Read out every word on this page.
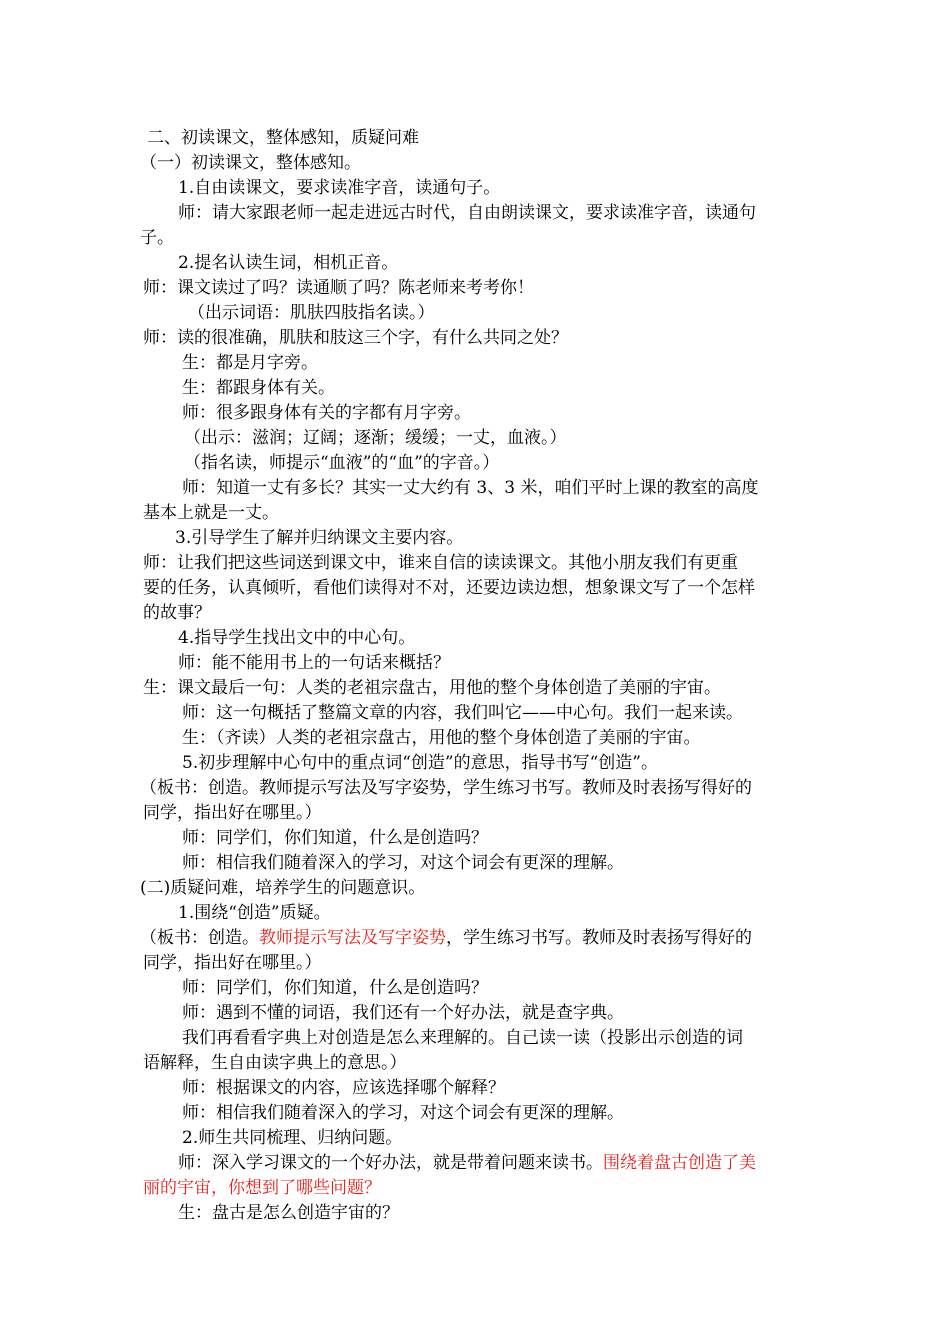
二、初读课文，整体感知，质疑问难
（一）初读课文，整体感知。
1.自由读课文，要求读准字音，读通句子。
师：请大家跟老师一起走进远古时代，自由朗读课文，要求读准字音，读通句
子。
2.提名认读生词，相机正音。
师：课文读过了吗？读通顺了吗？陈老师来考考你！
（出示词语：肌肤四肢指名读。）
师：读的很准确，肌肤和肢这三个字，有什么共同之处？
生：都是月字旁。
生：都跟身体有关。
师：很多跟身体有关的字都有月字旁。
（出示：滋润；辽阔；逐渐；缓缓；一丈，血液。）
（指名读，师提示“血液”的“血”的字音。）
师：知道一丈有多长？其实一丈大约有 3、3 米，咱们平时上课的教室的高度
基本上就是一丈。
3.引导学生了解并归纳课文主要内容。
师：让我们把这些词送到课文中，谁来自信的读读课文。其他小朋友我们有更重
要的任务，认真倾听，看他们读得对不对，还要边读边想，想象课文写了一个怎样
的故事？
4.指导学生找出文中的中心句。
师：能不能用书上的一句话来概括？
生：课文最后一句：人类的老祖宗盘古，用他的整个身体创造了美丽的宇宙。
师：这一句概括了整篇文章的内容，我们叫它——中心句。我们一起来读。
生：（齐读）人类的老祖宗盘古，用他的整个身体创造了美丽的宇宙。
5.初步理解中心句中的重点词“创造”的意思，指导书写“创造”。
（板书：创造。教师提示写法及写字姿势，学生练习书写。教师及时表扬写得好的
同学，指出好在哪里。）
师：同学们，你们知道，什么是创造吗？
师：相信我们随着深入的学习，对这个词会有更深的理解。
(二)质疑问难，培养学生的问题意识。
1.围绕“创造”质疑。
（板书：创造。教师提示写法及写字姿势，学生练习书写。教师及时表扬写得好的
同学，指出好在哪里。）
师：同学们，你们知道，什么是创造吗？
师：遇到不懂的词语，我们还有一个好办法，就是查字典。
我们再看看字典上对创造是怎么来理解的。自己读一读（投影出示创造的词
语解释，生自由读字典上的意思。）
师：根据课文的内容，应该选择哪个解释？
师：相信我们随着深入的学习，对这个词会有更深的理解。
2.师生共同梳理、归纳问题。
师：深入学习课文的一个好办法，就是带着问题来读书。围绕着盘古创造了美
丽的宇宙，你想到了哪些问题？
生：盘古是怎么创造宇宙的？
